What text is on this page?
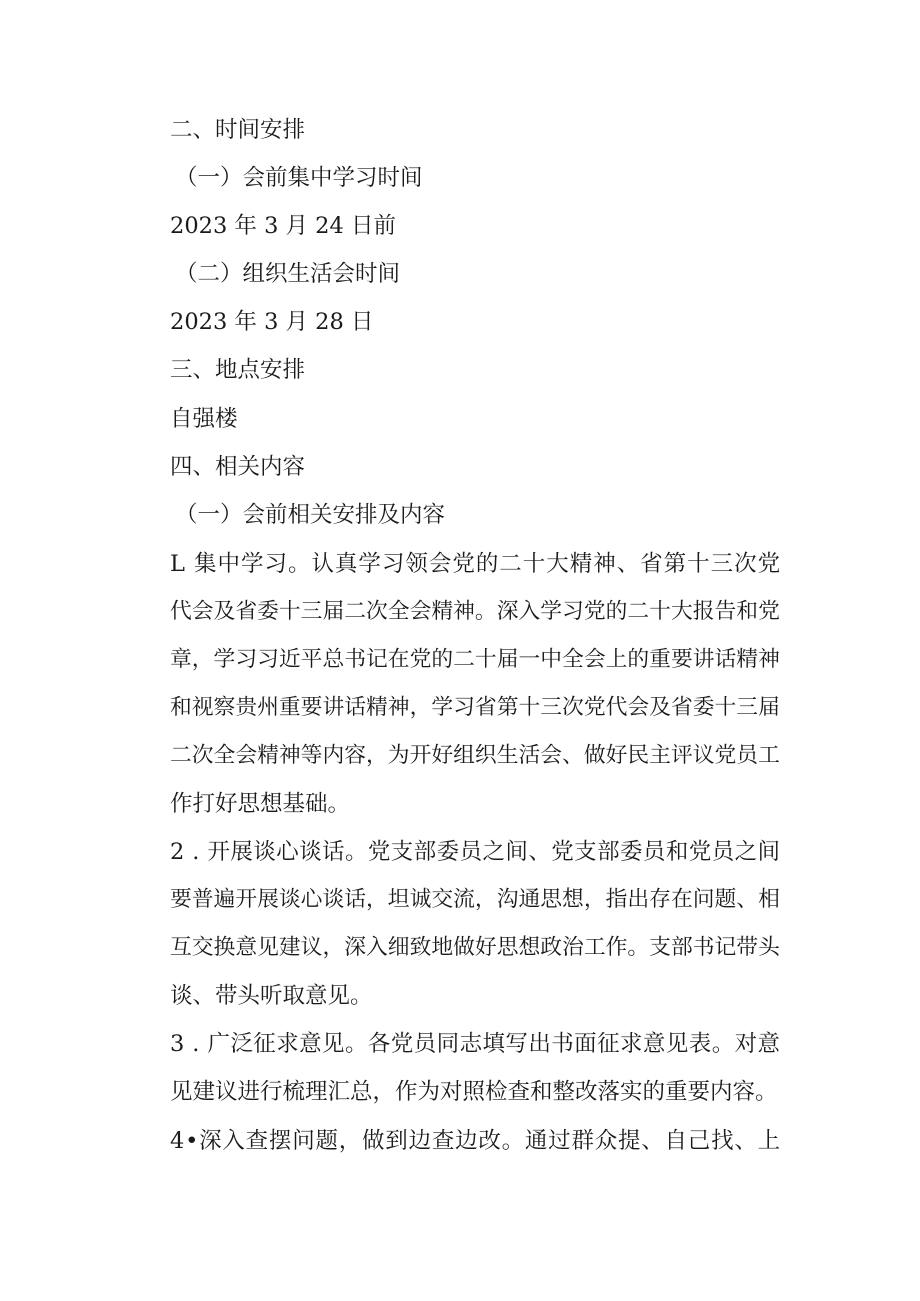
二、时间安排
（一）会前集中学习时间
2023 年 3 月 24 日前
（二）组织生活会时间
2023 年 3 月 28 日
三、地点安排
自强楼
四、相关内容
（一）会前相关安排及内容
L 集中学习。认真学习领会党的二十大精神、省第十三次党
代会及省委十三届二次全会精神。深入学习党的二十大报告和党
章，学习习近平总书记在党的二十届一中全会上的重要讲话精神
和视察贵州重要讲话精神，学习省第十三次党代会及省委十三届
二次全会精神等内容，为开好组织生活会、做好民主评议党员工
作打好思想基础。
2 . 开展谈心谈话。党支部委员之间、党支部委员和党员之间
要普遍开展谈心谈话，坦诚交流，沟通思想，指出存在问题、相
互交换意见建议，深入细致地做好思想政治工作。支部书记带头
谈、带头听取意见。
3 . 广泛征求意见。各党员同志填写出书面征求意见表。对意
见建议进行梳理汇总，作为对照检查和整改落实的重要内容。
4•深入查摆问题，做到边查边改。通过群众提、自己找、上
